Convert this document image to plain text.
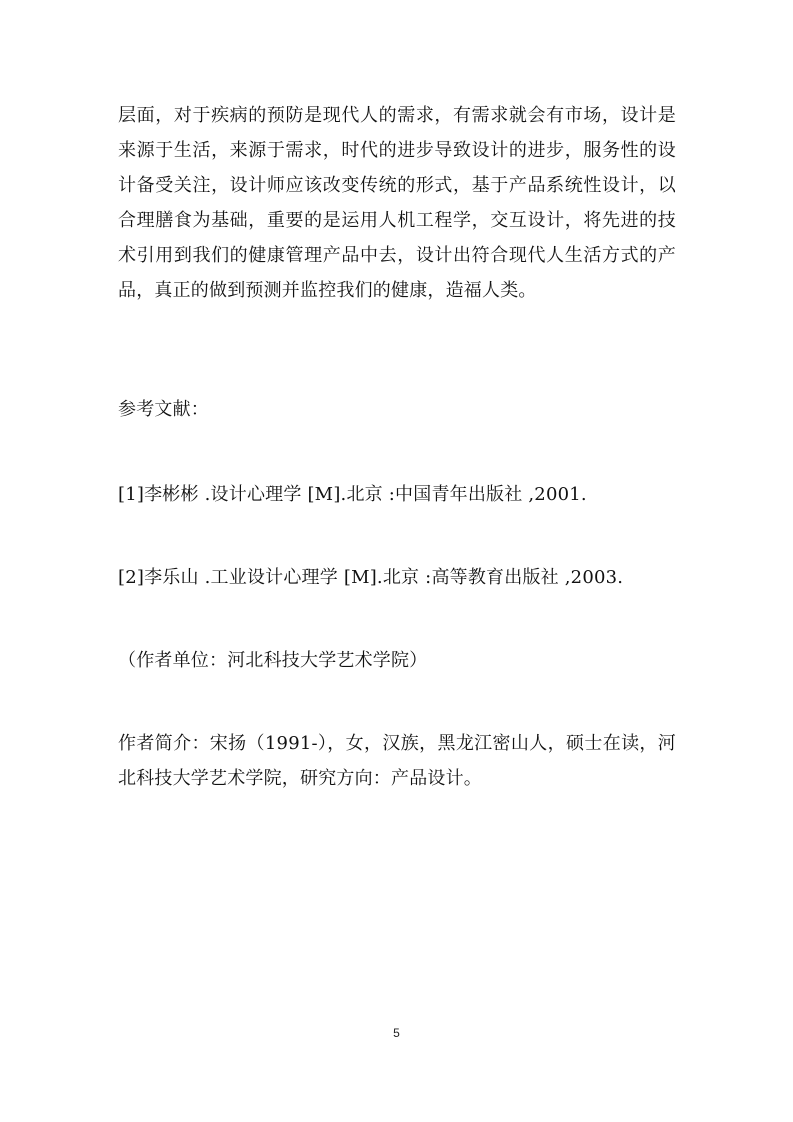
层面，对于疾病的预防是现代人的需求，有需求就会有市场，设计是来源于生活，来源于需求，时代的进步导致设计的进步，服务性的设计备受关注，设计师应该改变传统的形式，基于产品系统性设计，以合理膳食为基础，重要的是运用人机工程学，交互设计，将先进的技术引用到我们的健康管理产品中去，设计出符合现代人生活方式的产品，真正的做到预测并监控我们的健康，造福人类。

参考文献：

[1]李彬彬 .设计心理学 [M].北京 :中国青年出版社 ,2001.

[2]李乐山 .工业设计心理学 [M].北京 :高等教育出版社 ,2003.

（作者单位：河北科技大学艺术学院）

作者简介：宋扬（1991-），女，汉族，黑龙江密山人，硕士在读，河北科技大学艺术学院，研究方向：产品设计。

5
